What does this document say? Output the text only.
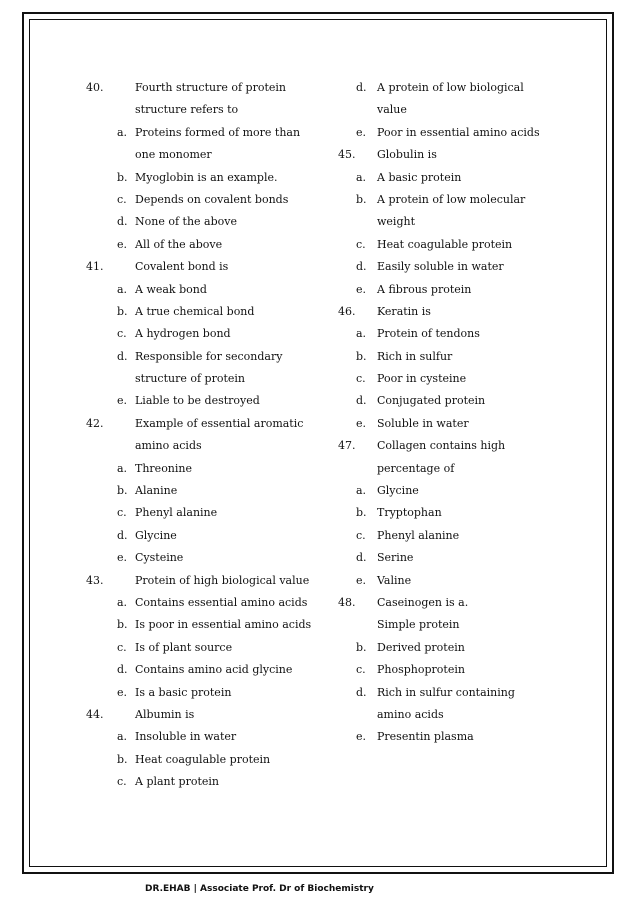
40.	Fourth structure of protein
structure refers to
a. Proteins formed of more than
one monomer
b. Myoglobin is an example.
c. Depends on covalent bonds
d. None of the above
e. All of the above
41.	Covalent bond is
a. A weak bond
b. A true chemical bond
c. A hydrogen bond
d. Responsible for secondary
structure of protein
e. Liable to be destroyed
42.	Example of essential aromatic
amino acids
a. Threonine
b. Alanine
c. Phenyl alanine
d. Glycine
e. Cysteine
43.	Protein of high biological value
a. Contains essential amino acids
b. Is poor in essential amino acids
c. Is of plant source
d. Contains amino acid glycine
e. Is a basic protein
44.	Albumin is
a. Insoluble in water
b. Heat coagulable protein
c. A plant protein
d. A protein of low biological
value
e. Poor in essential amino acids
45. Globulin is
a. A basic protein
b. A protein of low molecular
weight
c. Heat coagulable protein
d. Easily soluble in water
e. A fibrous protein
46. Keratin is
a. Protein of tendons
b. Rich in sulfur
c. Poor in cysteine
d. Conjugated protein
e. Soluble in water
47. Collagen contains high
percentage of
a. Glycine
b. Tryptophan
c. Phenyl alanine
d. Serine
e. Valine
48. Caseinogen is a.
Simple protein
b. Derived protein
c. Phosphoprotein
d. Rich in sulfur containing
amino acids
e. Presentin plasma
DR.EHAB | Associate Prof. Dr of Biochemistry
